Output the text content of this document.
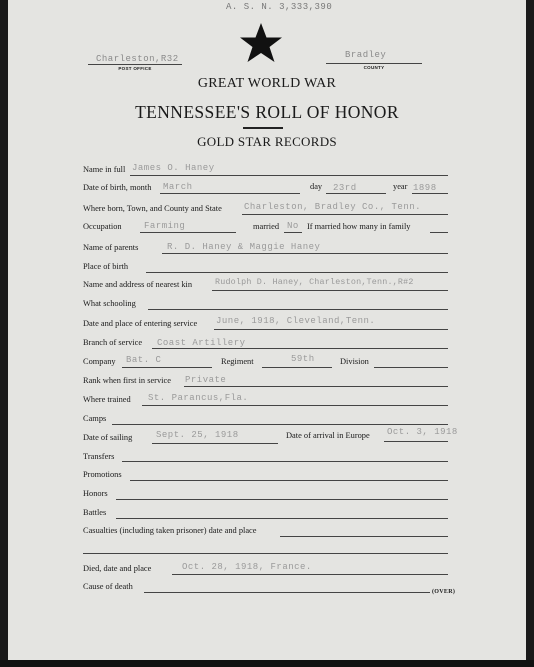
A. S. N. 3,333,390
Charleston,R32
POST OFFICE
Bradley
COUNTY
GREAT WORLD WAR
TENNESSEE'S ROLL OF HONOR
GOLD STAR RECORDS
Name in full James O. Haney
Date of birth, month March	day 23rd	year 1898
Where born, Town, and County and State Charleston, Bradley Co., Tenn.
Occupation Farming	married No If married how many in family
Name of parents	R. D. Haney & Maggie Haney
Place of birth
Name and address of nearest kin	Rudolph D. Haney, Charleston,Tenn.,R#2
What schooling
Date and place of entering service June, 1918, Cleveland,Tenn.
Branch of service Coast Artillery
Company Bat. C	Regiment	59th	Division
Rank when first in service Private
Where trained St. Parancus,Fla.
Camps
Date of sailing	Sept. 25, 1918	Date of arrival in Europe Oct. 3, 1918
Transfers
Promotions
Honors
Battles
Casualties (including taken prisoner) date and place
Died, date and place	Oct. 28, 1918, France.
Cause of death
(OVER)
